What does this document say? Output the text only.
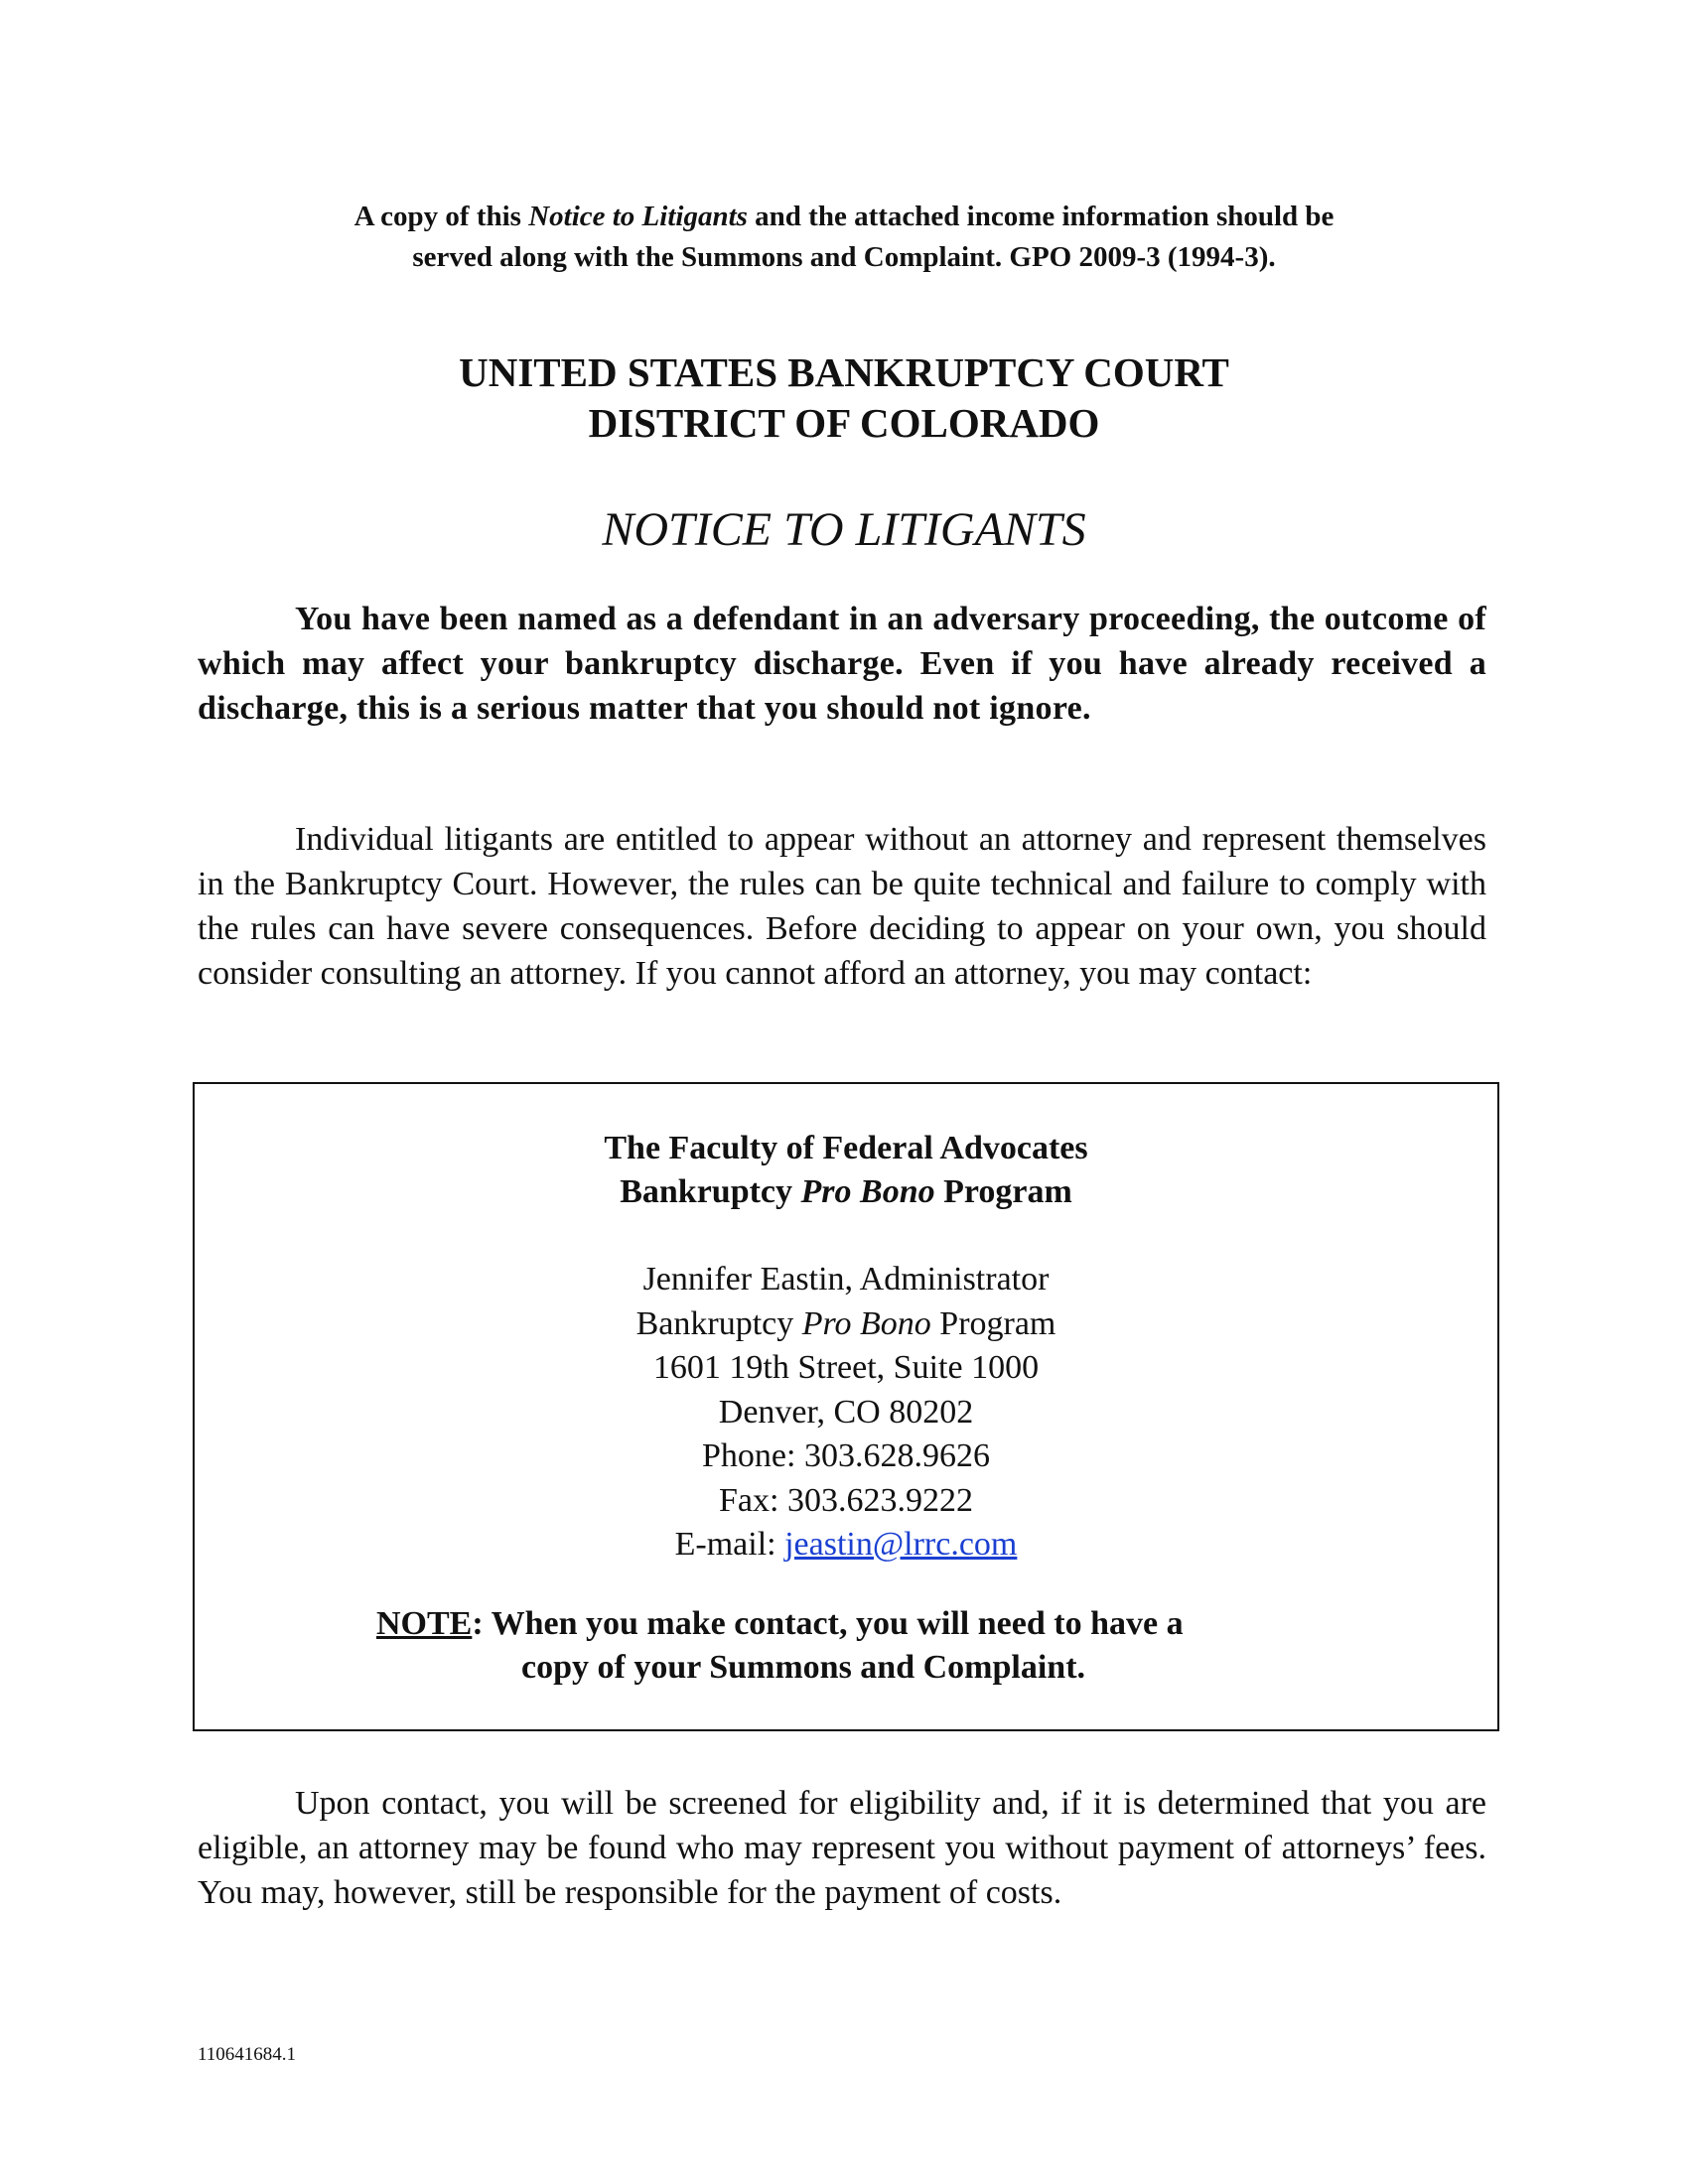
A copy of this Notice to Litigants and the attached income information should be
served along with the Summons and Complaint. GPO 2009-3 (1994-3).
UNITED STATES BANKRUPTCY COURT
DISTRICT OF COLORADO
NOTICE TO LITIGANTS
You have been named as a defendant in an adversary proceeding, the outcome of which may affect your bankruptcy discharge. Even if you have already received a discharge, this is a serious matter that you should not ignore.
Individual litigants are entitled to appear without an attorney and represent themselves in the Bankruptcy Court. However, the rules can be quite technical and failure to comply with the rules can have severe consequences. Before deciding to appear on your own, you should consider consulting an attorney. If you cannot afford an attorney, you may contact:
The Faculty of Federal Advocates
Bankruptcy Pro Bono Program
Jennifer Eastin, Administrator
Bankruptcy Pro Bono Program
1601 19th Street, Suite 1000
Denver, CO 80202
Phone: 303.628.9626
Fax: 303.623.9222
E-mail: jeastin@lrrc.com
NOTE: When you make contact, you will need to have a
copy of your Summons and Complaint.
Upon contact, you will be screened for eligibility and, if it is determined that you are eligible, an attorney may be found who may represent you without payment of attorneys’ fees. You may, however, still be responsible for the payment of costs.
110641684.1
